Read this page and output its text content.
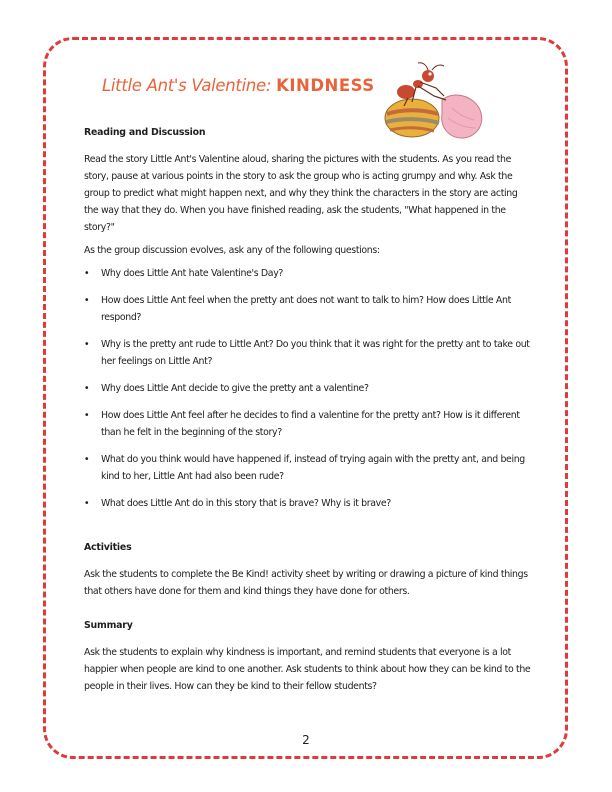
Little Ant's Valentine: KINDNESS
Reading and Discussion

Read the story Little Ant's Valentine aloud, sharing the pictures with the students. As you read the story, pause at various points in the story to ask the group who is acting grumpy and why. Ask the group to predict what might happen next, and why they think the characters in the story are acting the way that they do. When you have finished reading, ask the students, "What happened in the story?"

As the group discussion evolves, ask any of the following questions:

• Why does Little Ant hate Valentine's Day?
• How does Little Ant feel when the pretty ant does not want to talk to him? How does Little Ant respond?
• Why is the pretty ant rude to Little Ant? Do you think that it was right for the pretty ant to take out her feelings on Little Ant?
• Why does Little Ant decide to give the pretty ant a valentine?
• How does Little Ant feel after he decides to find a valentine for the pretty ant? How is it different than he felt in the beginning of the story?
• What do you think would have happened if, instead of trying again with the pretty ant, and being kind to her, Little Ant had also been rude?
• What does Little Ant do in this story that is brave? Why is it brave?
Activities

Ask the students to complete the Be Kind! activity sheet by writing or drawing a picture of kind things that others have done for them and kind things they have done for others.

Summary

Ask the students to explain why kindness is important, and remind students that everyone is a lot happier when people are kind to one another. Ask students to think about how they can be kind to the people in their lives. How can they be kind to their fellow students?

2
